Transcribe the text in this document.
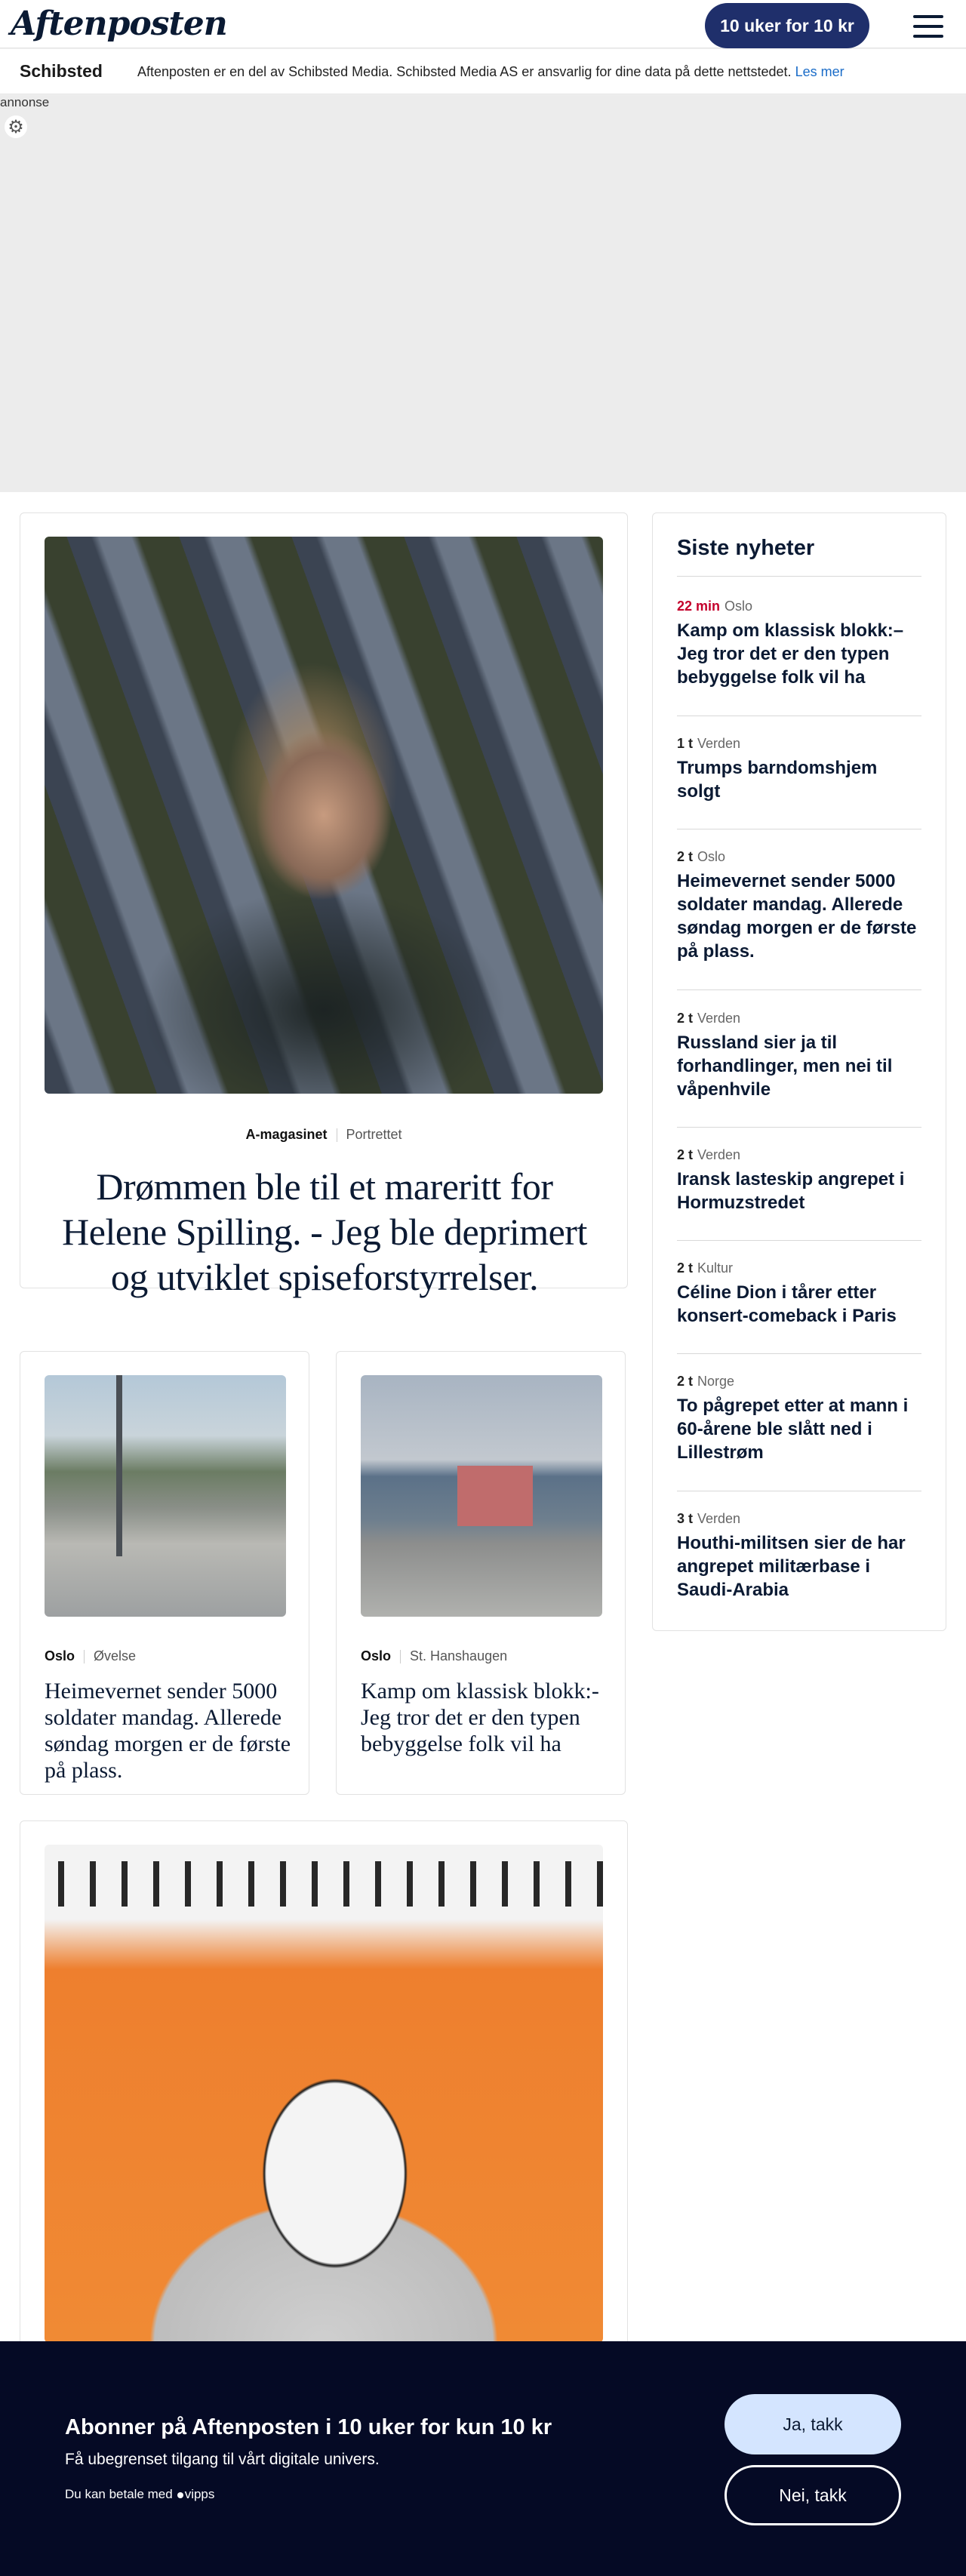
Aftenposten	10 uker for 10 kr
Schibsted	Aftenposten er en del av Schibsted Media. Schibsted Media AS er ansvarlig for dine data på dette nettstedet. Les mer
annonse
⚙
A-magasinet Portrettet
Drømmen ble til et mareritt for Helene Spilling. - Jeg ble deprimert og utviklet spiseforstyrrelser.
Oslo Øvelse
Heimevernet sender 5000 soldater mandag. Allerede søndag morgen er de første på plass.
Oslo St. Hanshaugen
Kamp om klassisk blokk:- Jeg tror det er den typen bebyggelse folk vil ha
Siste nyheter
22 min Oslo
Kamp om klassisk blokk:– Jeg tror det er den typen bebyggelse folk vil ha
1 t Verden
Trumps barndomshjem solgt
2 t Oslo
Heimevernet sender 5000 soldater mandag. Allerede søndag morgen er de første på plass.
2 t Verden
Russland sier ja til forhandlinger, men nei til våpenhvile
2 t Verden
Iransk lasteskip angrepet i Hormuzstredet
2 t Kultur
Céline Dion i tårer etter konsert-comeback i Paris
2 t Norge
To pågrepet etter at mann i 60-årene ble slått ned i Lillestrøm
3 t Verden
Houthi-militsen sier de har angrepet militærbase i Saudi-Arabia
Abonner på Aftenposten i 10 uker for kun 10 kr
Få ubegrenset tilgang til vårt digitale univers.
Du kan betale med vipps
Ja, takk
Nei, takk
